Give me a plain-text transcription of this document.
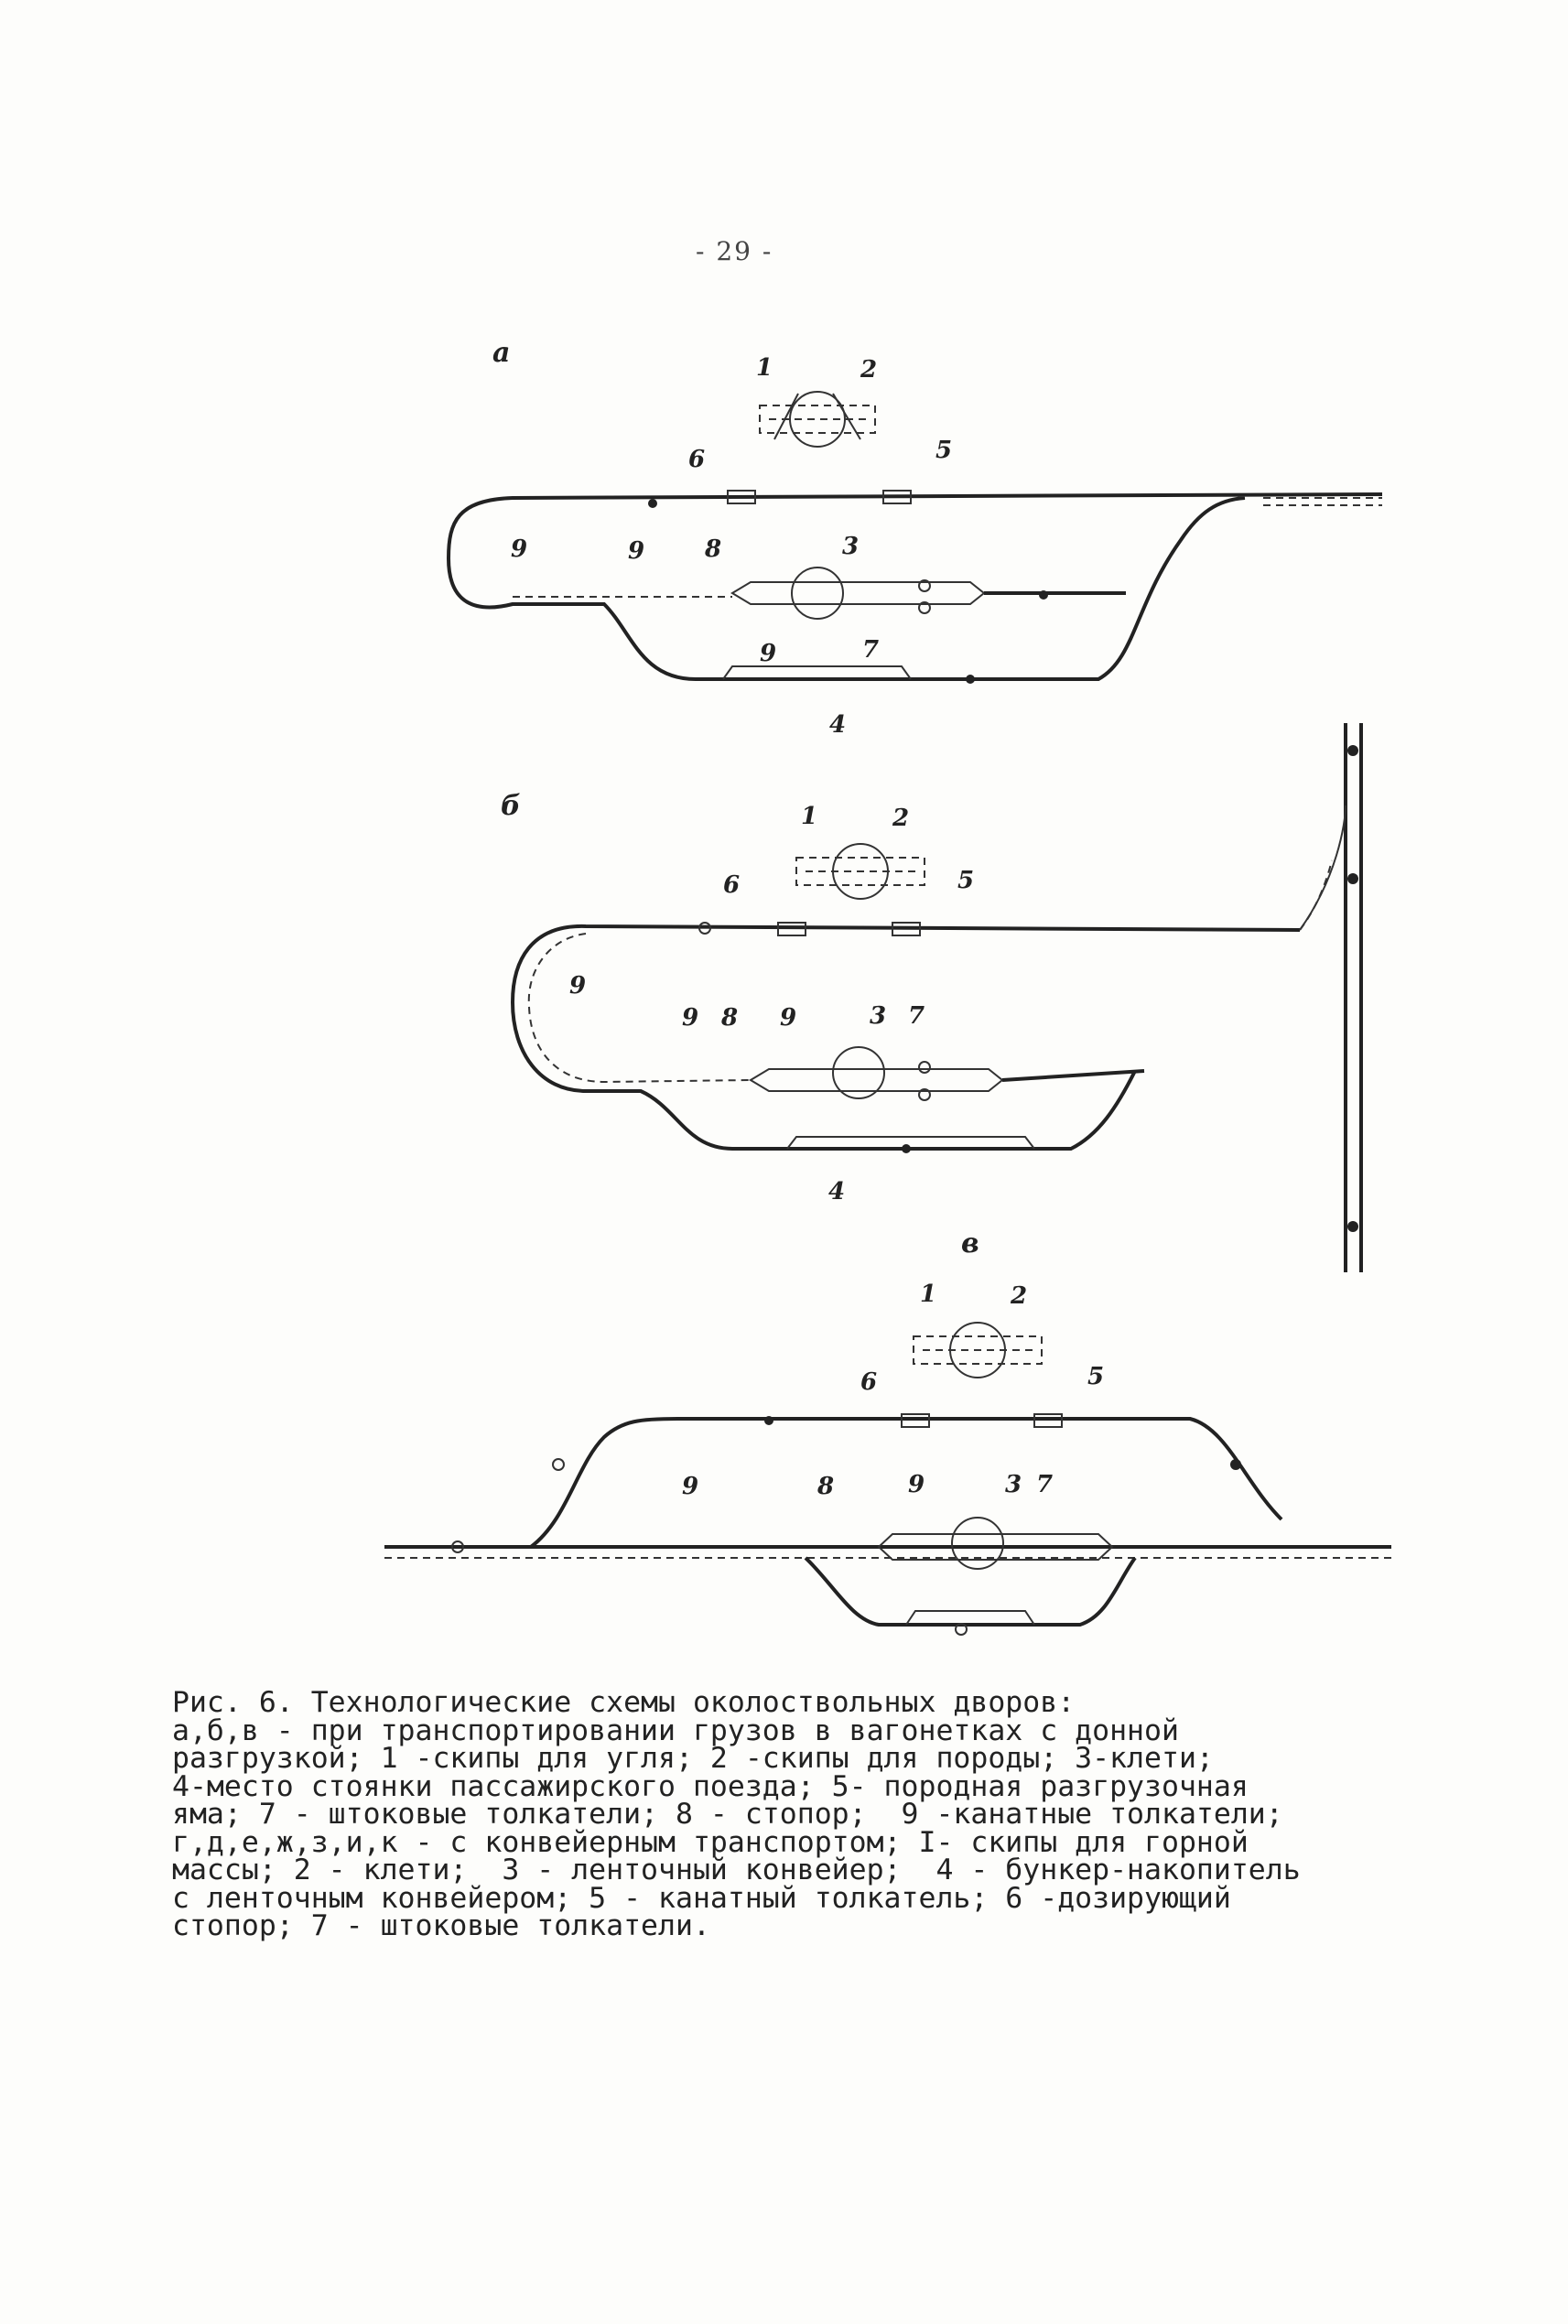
- 29 -
а	1	2
6	5
9	9	8	3
9	7
4
б	1	2
6	5
9
9 8 9	3 7
4
в
1	2
6	5
9	8	9	3 7
Рис. 6. Технологические схемы околоствольных дворов:
а,б,в - при транспортировании грузов в вагонетках с донной
разгрузкой; 1 -скипы для угля; 2 -скипы для породы; 3-клети;
4-место стоянки пассажирского поезда; 5- породная разгрузочная
яма; 7 - штоковые толкатели; 8 - стопор;  9 -канатные толкатели;
г,д,е,ж,з,и,к - с конвейерным транспортом; I- скипы для горной
массы; 2 - клети;  3 - ленточный конвейер;  4 - бункер-накопитель
с ленточным конвейером; 5 - канатный толкатель; 6 -дозирующий
стопор; 7 - штоковые толкатели.
